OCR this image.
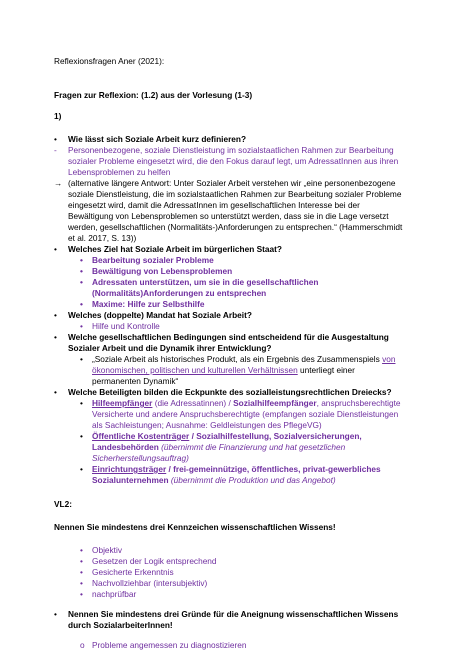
Reflexionsfragen Aner (2021):

Fragen zur Reflexion: (1.2) aus der Vorlesung (1-3)

1)

•	Wie lässt sich Soziale Arbeit kurz definieren?
-	Personenbezogene, soziale Dienstleistung im sozialstaatlichen Rahmen zur Bearbeitung sozialer Probleme eingesetzt wird, die den Fokus darauf legt, um AdressatInnen aus ihren Lebensproblemen zu helfen
→ (alternative längere Antwort: Unter Sozialer Arbeit verstehen wir „eine personenbezogene soziale Dienstleistung, die im sozialstaatlichen Rahmen zur Bearbeitung sozialer Probleme eingesetzt wird, damit die AdressatInnen im gesellschaftlichen Interesse bei der Bewältigung von Lebensproblemen so unterstützt werden, dass sie in die Lage versetzt werden, gesellschaftlichen (Normalitäts-)Anforderungen zu entsprechen.“ (Hammerschmidt et al. 2017, S. 13))
•	Welches Ziel hat Soziale Arbeit im bürgerlichen Staat?
•	Bearbeitung sozialer Probleme
•	Bewältigung von Lebensproblemen
•	Adressaten unterstützen, um sie in die gesellschaftlichen (Normalitäts)Anforderungen zu entsprechen
•	Maxime: Hilfe zur Selbsthilfe
•	Welches (doppelte) Mandat hat Soziale Arbeit?
•	Hilfe und Kontrolle
•	Welche gesellschaftlichen Bedingungen sind entscheidend für die Ausgestaltung Sozialer Arbeit und die Dynamik ihrer Entwicklung?
•	„Soziale Arbeit als historisches Produkt, als ein Ergebnis des Zusammenspiels von ökonomischen, politischen und kulturellen Verhältnissen unterliegt einer permanenten Dynamik“
•	Welche Beteiligten bilden die Eckpunkte des sozialleistungsrechtlichen Dreiecks?
•	Hilfeempfänger (die Adressatinnen) / Sozialhilfeempfänger, anspruchsberechtigte Versicherte und andere Anspruchsberechtigte (empfangen soziale Dienstleistungen als Sachleistungen; Ausnahme: Geldleistungen des PflegeVG)
•	Öffentliche Kostenträger / Sozialhilfestellung, Sozialversicherungen, Landesbehörden (übernimmt die Finanzierung und hat gesetzlichen Sicherherstellungsauftrag)
•	Einrichtungsträger / frei-gemeinnützige, öffentliches, privat-gewerbliches Sozialunternehmen (übernimmt die Produktion und das Angebot)

VL2:

Nennen Sie mindestens drei Kennzeichen wissenschaftlichen Wissens!

•	Objektiv
•	Gesetzen der Logik entsprechend
•	Gesicherte Erkenntnis
•	Nachvollziehbar (intersubjektiv)
•	nachprüfbar
•	Nennen Sie mindestens drei Gründe für die Aneignung wissenschaftlichen Wissens durch SozialarbeiterInnen!
o Probleme angemessen zu diagnostizieren
